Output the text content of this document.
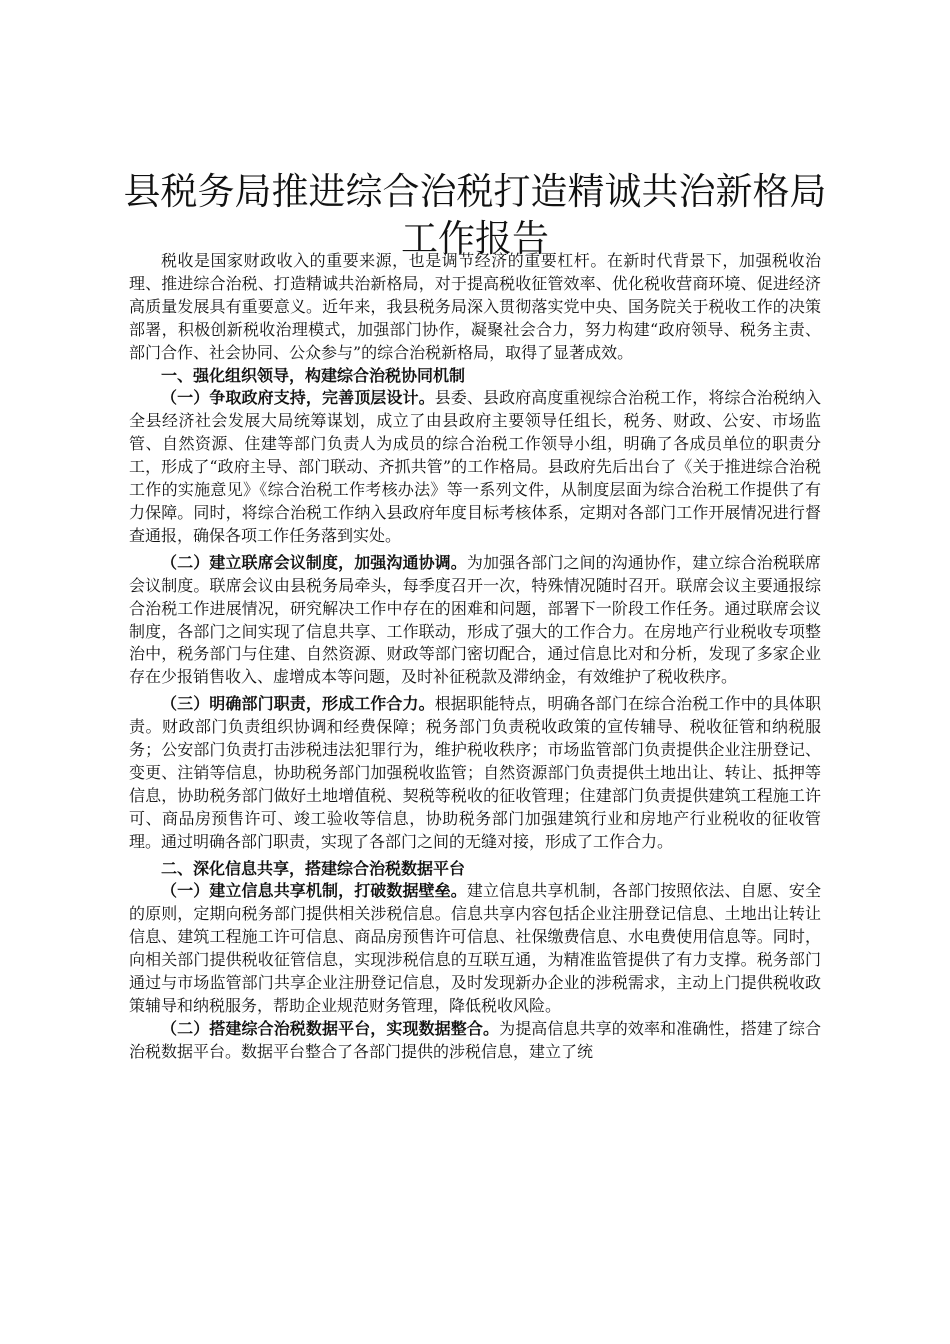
县税务局推进综合治税打造精诚共治新格局工作报告

税收是国家财政收入的重要来源，也是调节经济的重要杠杆。在新时代背景下，加强税收治理、推进综合治税、打造精诚共治新格局，对于提高税收征管效率、优化税收营商环境、促进经济高质量发展具有重要意义。近年来，我县税务局深入贯彻落实党中央、国务院关于税收工作的决策部署，积极创新税收治理模式，加强部门协作，凝聚社会合力，努力构建“政府领导、税务主责、部门合作、社会协同、公众参与”的综合治税新格局，取得了显著成效。

一、强化组织领导，构建综合治税协同机制

（一）争取政府支持，完善顶层设计。县委、县政府高度重视综合治税工作，将综合治税纳入全县经济社会发展大局统筹谋划，成立了由县政府主要领导任组长，税务、财政、公安、市场监管、自然资源、住建等部门负责人为成员的综合治税工作领导小组，明确了各成员单位的职责分工，形成了“政府主导、部门联动、齐抓共管”的工作格局。县政府先后出台了《关于推进综合治税工作的实施意见》《综合治税工作考核办法》等一系列文件，从制度层面为综合治税工作提供了有力保障。同时，将综合治税工作纳入县政府年度目标考核体系，定期对各部门工作开展情况进行督查通报，确保各项工作任务落到实处。

（二）建立联席会议制度，加强沟通协调。为加强各部门之间的沟通协作，建立综合治税联席会议制度。联席会议由县税务局牵头，每季度召开一次，特殊情况随时召开。联席会议主要通报综合治税工作进展情况，研究解决工作中存在的困难和问题，部署下一阶段工作任务。通过联席会议制度，各部门之间实现了信息共享、工作联动，形成了强大的工作合力。在房地产行业税收专项整治中，税务部门与住建、自然资源、财政等部门密切配合，通过信息比对和分析，发现了多家企业存在少报销售收入、虚增成本等问题，及时补征税款及滞纳金，有效维护了税收秩序。

（三）明确部门职责，形成工作合力。根据职能特点，明确各部门在综合治税工作中的具体职责。财政部门负责组织协调和经费保障；税务部门负责税收政策的宣传辅导、税收征管和纳税服务；公安部门负责打击涉税违法犯罪行为，维护税收秩序；市场监管部门负责提供企业注册登记、变更、注销等信息，协助税务部门加强税收监管；自然资源部门负责提供土地出让、转让、抵押等信息，协助税务部门做好土地增值税、契税等税收的征收管理；住建部门负责提供建筑工程施工许可、商品房预售许可、竣工验收等信息，协助税务部门加强建筑行业和房地产行业税收的征收管理。通过明确各部门职责，实现了各部门之间的无缝对接，形成了工作合力。

二、深化信息共享，搭建综合治税数据平台

（一）建立信息共享机制，打破数据壁垒。建立信息共享机制，各部门按照依法、自愿、安全的原则，定期向税务部门提供相关涉税信息。信息共享内容包括企业注册登记信息、土地出让转让信息、建筑工程施工许可信息、商品房预售许可信息、社保缴费信息、水电费使用信息等。同时，向相关部门提供税收征管信息，实现涉税信息的互联互通，为精准监管提供了有力支撑。税务部门通过与市场监管部门共享企业注册登记信息，及时发现新办企业的涉税需求，主动上门提供税收政策辅导和纳税服务，帮助企业规范财务管理，降低税收风险。

（二）搭建综合治税数据平台，实现数据整合。为提高信息共享的效率和准确性，搭建了综合治税数据平台。数据平台整合了各部门提供的涉税信息，建立了统
